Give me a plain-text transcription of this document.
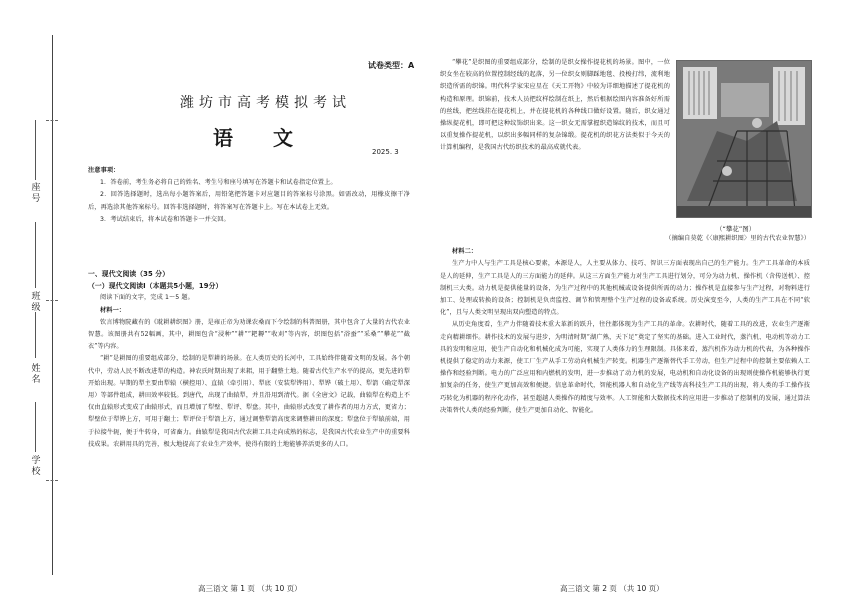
座号
班级
姓名
学校
试卷类型：A
潍坊市高考模拟考试
语文
2025. 3
注意事项：
1．答卷前，考生务必将自己的姓名、考生号和座号填写在答题卡和试卷指定位置上。
2．回答选择题时，选出每小题答案后，用铅笔把答题卡对应题目的答案标号涂黑。如需改动，用橡皮擦干净后，再选涂其他答案标号。回答非选择题时，将答案写在答题卡上。写在本试卷上无效。
3．考试结束后，将本试卷和答题卡一并交回。
一、现代文阅读（35 分）
（一）现代文阅读Ⅰ（本题共5小题，19分）
阅读下面的文字，完成 1～5 题。
材料一：
钦言博物院藏有的《耽耕耕织图》册，是雍正帝为劝课农桑而下令绘制的科普图册，其中包含了大量的古代农业智慧。该图册共有52幅画，其中，耕图包含“浸种”“耕”“耙耨”“收刈”等内容，织图包括“浴蚕”“采桑”“攀花”“截衣”等内容。
“耕”是耕图的重要组成部分，绘制的是犁耕的场景。在人类历史的长河中，工具始终伴随着文明的发展。各个朝代中，劳动人民不断改进犁的构造。神农氏时期出现了耒耜，用于翻整土地。随着古代生产水平的提高，更先进的犁开始出现。早期的犁主要由犁辕（横控用）、直辕（牵引用）、犁底（安装犁铧用）、犁铧（破土用）、犁箭（确定犁深用）等部件组成，耕田效率较低。到唐代，出现了曲辕犁，并且沿用到清代。据《全唐文》记载，曲辕犁在构造上不仅由直辕形式变成了曲辕形式，而且增加了犁壁、犁评、犁盘。其中，曲辕形式改变了耕作者的用力方式，更省力；犁壁位于犁铧上方，可用于翻土；犁评位于犁箭上方，通过调整犁箭高度来调整耕田的深度；犁盘位于犁辕前端，用于拉接牛轭，便于牛转身，可省畜力。曲辕犁是我国古代农耕工具走向成熟的标志，是我国古代农业生产中的重要科技成果。农耕用具的完善，极大地提高了农业生产效率，使得有限的土地能够养活更多的人口。
高三语文 第 1 页 （共 10 页）
“攀花”是织图的重要组成部分，绘制的是织女操作提花机的场景。图中，一位织女坐在较高的位置控制经线的起落，另一位织女则脚踩地毯、投梭打纬，流利地织造所需的织锦。明代科学家宋应星在《天工开物》中较为详细地描述了提花机的构造和原理。织锦前，技术人员把纹样绘制在纸上，然后根据绘图内容准备好所需的丝线，把丝线挂在提花机上，并在提花机的各种线口做好设置。随后，织女通过操纵提花机，即可把这种纹饰织出来。这一织女无需掌握织造锦纹的技术，而且可以重复操作提花机，以织出多幅同样的复杂锦缎。提花机的织花方法类似于今天的计算机编程，是我国古代纺织技术的最高成就代表。
（“攀花”图）
（摘编自莫乾《〈康熙耕织图〉里的古代农业智慧》）
材料二：
生产力中人与生产工具是核心要素，本源是人，人主要从体力、技巧、智识三方面表现出自己的生产能力。生产工具革命的本质是人的延伸，生产工具是人的三方面能力的延伸。从这三方面生产能力对生产工具进行划分，可分为动力机、操作机（含传送机）、控制机三大类。动力机是提供能量的设备，为生产过程中的其他机械或设备提供所需的动力；操作机是直接参与生产过程，对物料进行加工、处理或转换的设备；控制机是负责监控、调节和管理整个生产过程的设备或系统。历史演变至今，人类的生产工具在不同“软化”，且与人类文明呈现出双向塑造的特点。
从历史角度看，生产力伴随着技术重大革新的跃升，往往都体现为生产工具的革命。农耕时代，随着工具的改进，农业生产逐渐走向精耕细作。耕作技术的发展与进步，为明清时期“湖广熟，天下足”奠定了坚实的基础。进入工业时代，蒸汽机、电动机等动力工具的发明和应用，使生产自动化和机械化成为可能，实现了人类体力的生理限制。具体来看，蒸汽机作为动力机的代表，为各种操作机提供了稳定的动力来源，使工厂生产从手工劳动向机械生产转变。机器生产逐渐替代手工劳动，但生产过程中的控制主要依赖人工操作和经验判断。电力的广泛应用和内燃机的发明，进一步推动了动力机的发展，电动机和自动化设备的出现则使操作机能够执行更加复杂的任务，使生产更加高效和便捷。信息革命时代，智能机器人和自动化生产线等高科技生产工具的出现，将人类的手工操作技巧转化为机器的程序化动作，甚至超越人类操作的精度与效率。人工智能和大数据技术的应用进一步推动了控制机的发展，通过算法决策替代人类的经验判断，使生产更加自动化、智能化。
高三语文 第 2 页 （共 10 页）
